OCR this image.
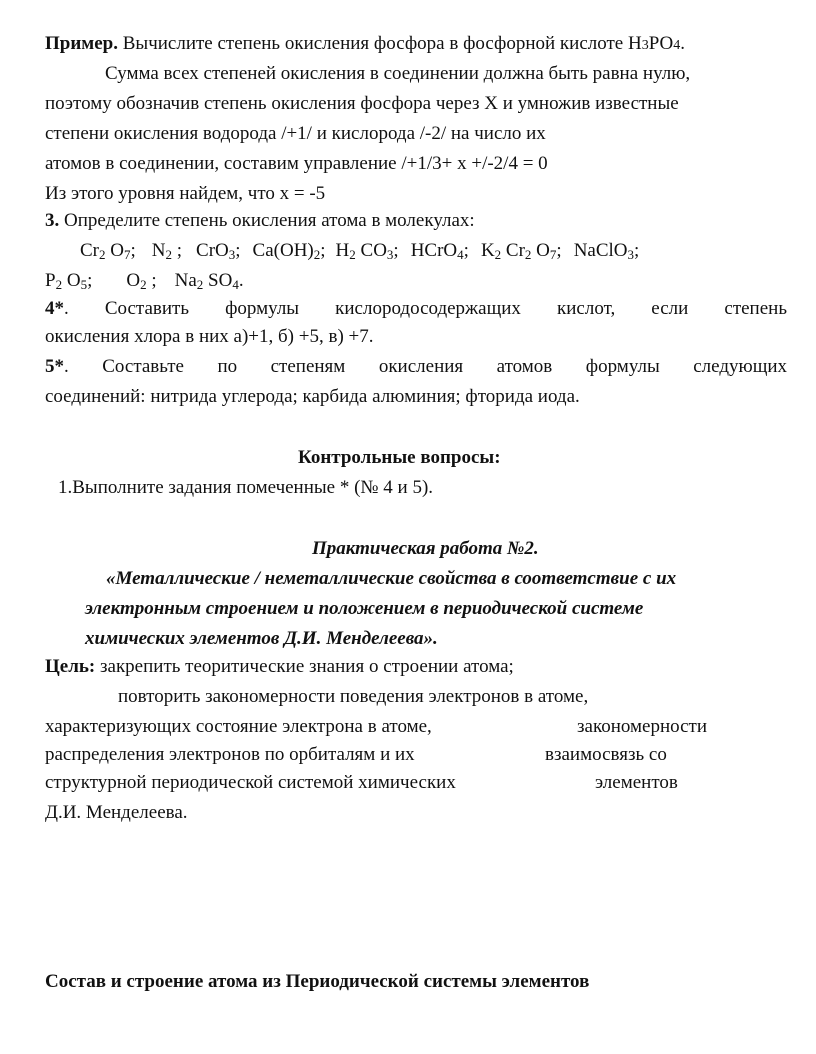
Пример. Вычислите степень окисления фосфора в фосфорной кислоте Н3РО4.
Сумма всех степеней окисления в соединении должна быть равна нулю,
поэтому обозначив степень окисления фосфора через Х и умножив известные
степени окисления водорода /+1/ и кислорода /-2/ на число их
атомов в соединении, составим управление /+1/3+ х +/-2/4 = 0
Из этого уровня найдем, что х = -5
3. Определите степень окисления атома в молекулах:
$Cr_2$ $O_7$; $N_2$ ; CrO$_3$; $Ca(OH)_2$; $H_2$ $CO_3$; HCrO$_4$; $K_2$ $Cr_2$ $O_7$; NaClO$_3$;
$P_2$ $O_5$; $O_2$ ; $Na_2$ $SO_4$.
4*. Составить формулы кислородосодержащих кислот, если степень
окисления хлора в них а)+1, б) +5, в) +7.
5*. Составьте по степеням окисления атомов формулы следующих
соединений: нитрида углерода; карбида алюминия; фторида иода.
Контрольные вопросы:
1.Выполните задания помеченные * (№ 4 и 5).
Практическая работа №2.
«Металлические / неметаллические свойства в соответствие с их
электронным строением и положением в периодической системе
химических элементов Д.И. Менделеева».
Цель: закрепить теоритические знания о строении атома;
повторить закономерности поведения электронов в атоме,
характеризующих состояние электрона в атоме,	закономерности
распределения электронов по орбиталям и их	взаимосвязь со
структурной периодической системой химических	элементов
Д.И. Менделеева.
Состав и строение атома из Периодической системы элементов
